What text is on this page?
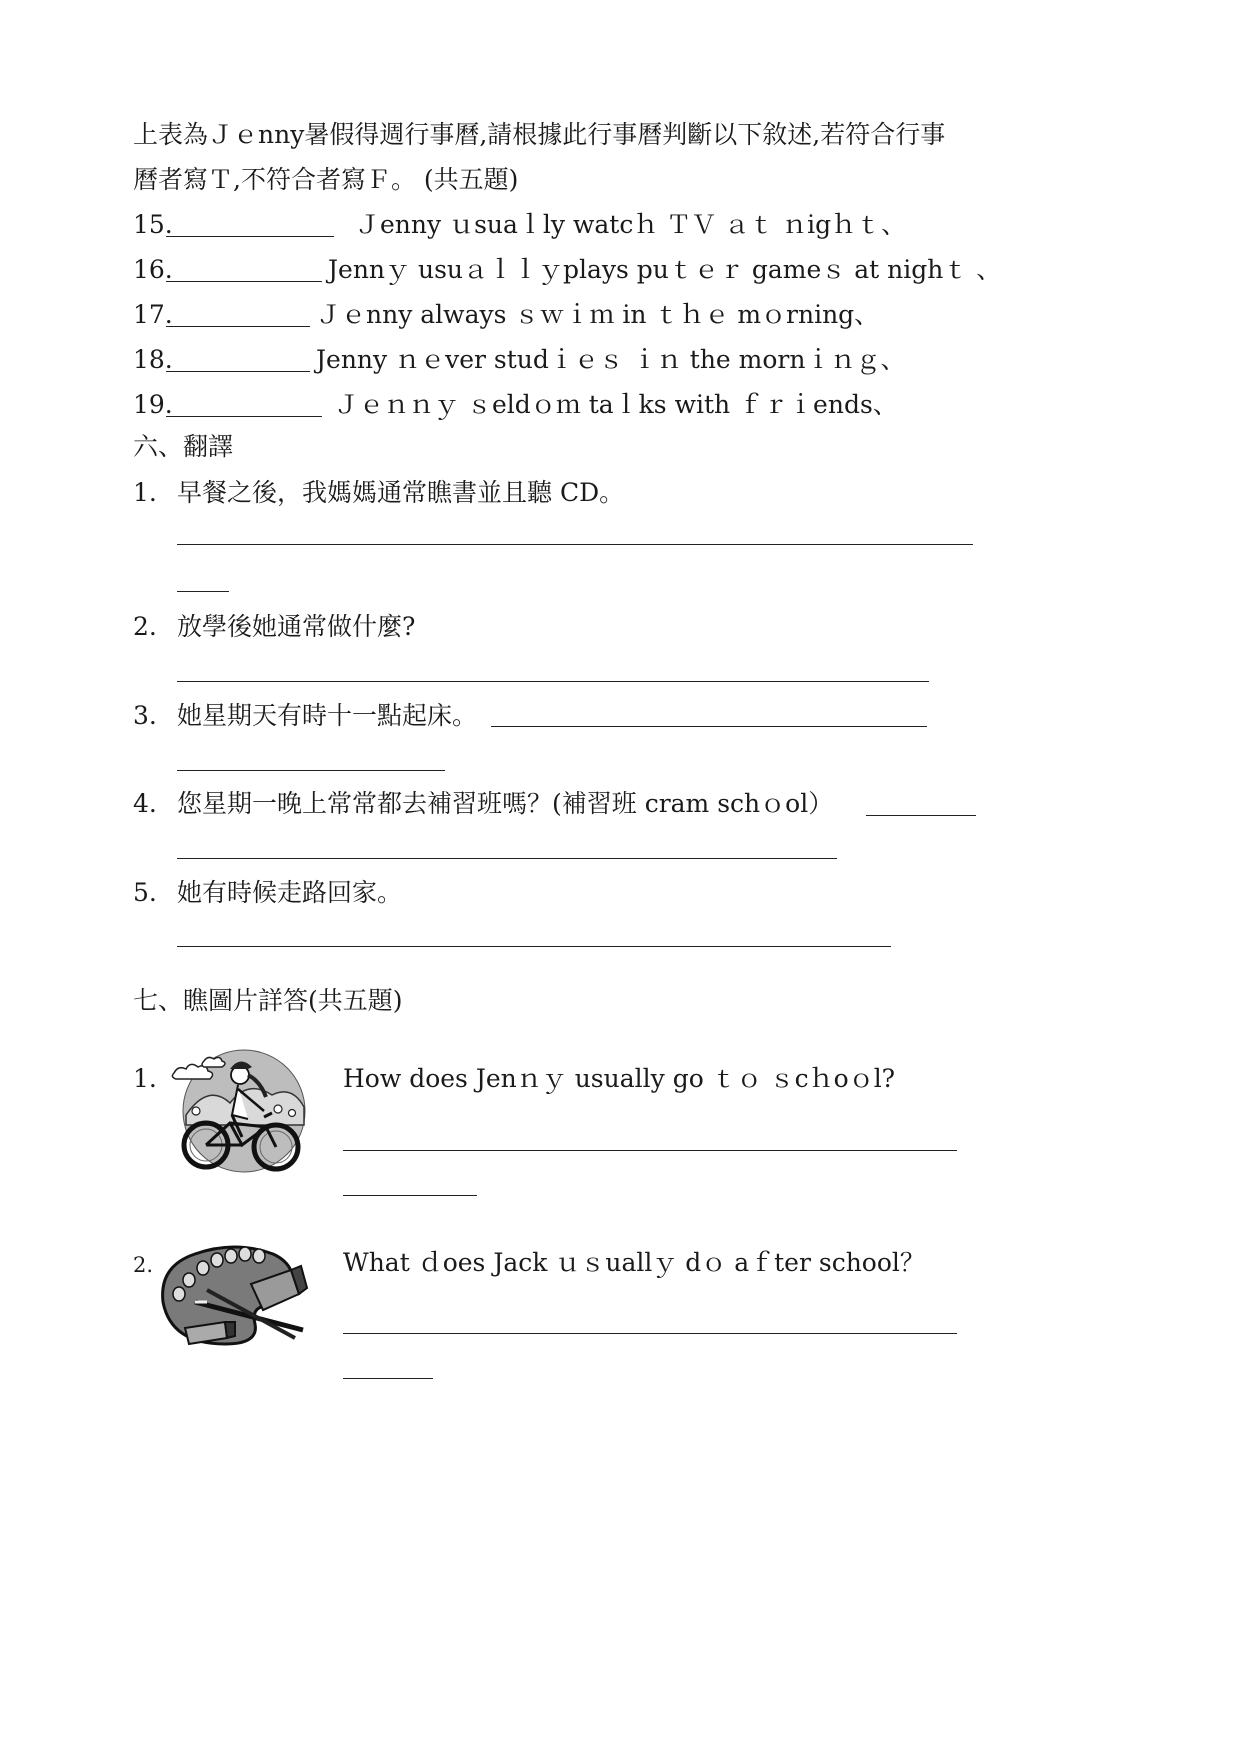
上表為Ｊｅnny暑假得週行事曆,請根據此行事曆判斷以下敘述,若符合行事
曆者寫Ｔ,不符合者寫Ｆ。 (共五題)
15.	Ｊenny ｕsuaｌly watcｈ ＴＶ ａｔ ｎigｈｔ、
16.	Jennｙ usuａｌｌｙplays puｔｅｒ gameｓ at nighｔ 、
17.	Ｊｅnny always ｓｗｉｍ in ｔｈｅ mｏrning、
18.	Jenny ｎｅver studｉｅｓ ｉｎ the mornｉｎｇ、
19.	Ｊｅｎｎｙ ｓeldｏｍ taｌks with ｆｒｉends、
六、翻譯
1. 早餐之後，我媽媽通常瞧書並且聽 CD。
2. 放學後她通常做什麼?
3. 她星期天有時十一點起床。
4. 您星期一晚上常常都去補習班嗎？(補習班 cram schｏol）
5. 她有時候走路回家。
七、瞧圖片詳答(共五題)
1.	How does Jenｎｙ usually go ｔｏ ｓcｈoｏl?
2.	What ｄoes Jack ｕｓuallｙ dｏ aｆter school？
